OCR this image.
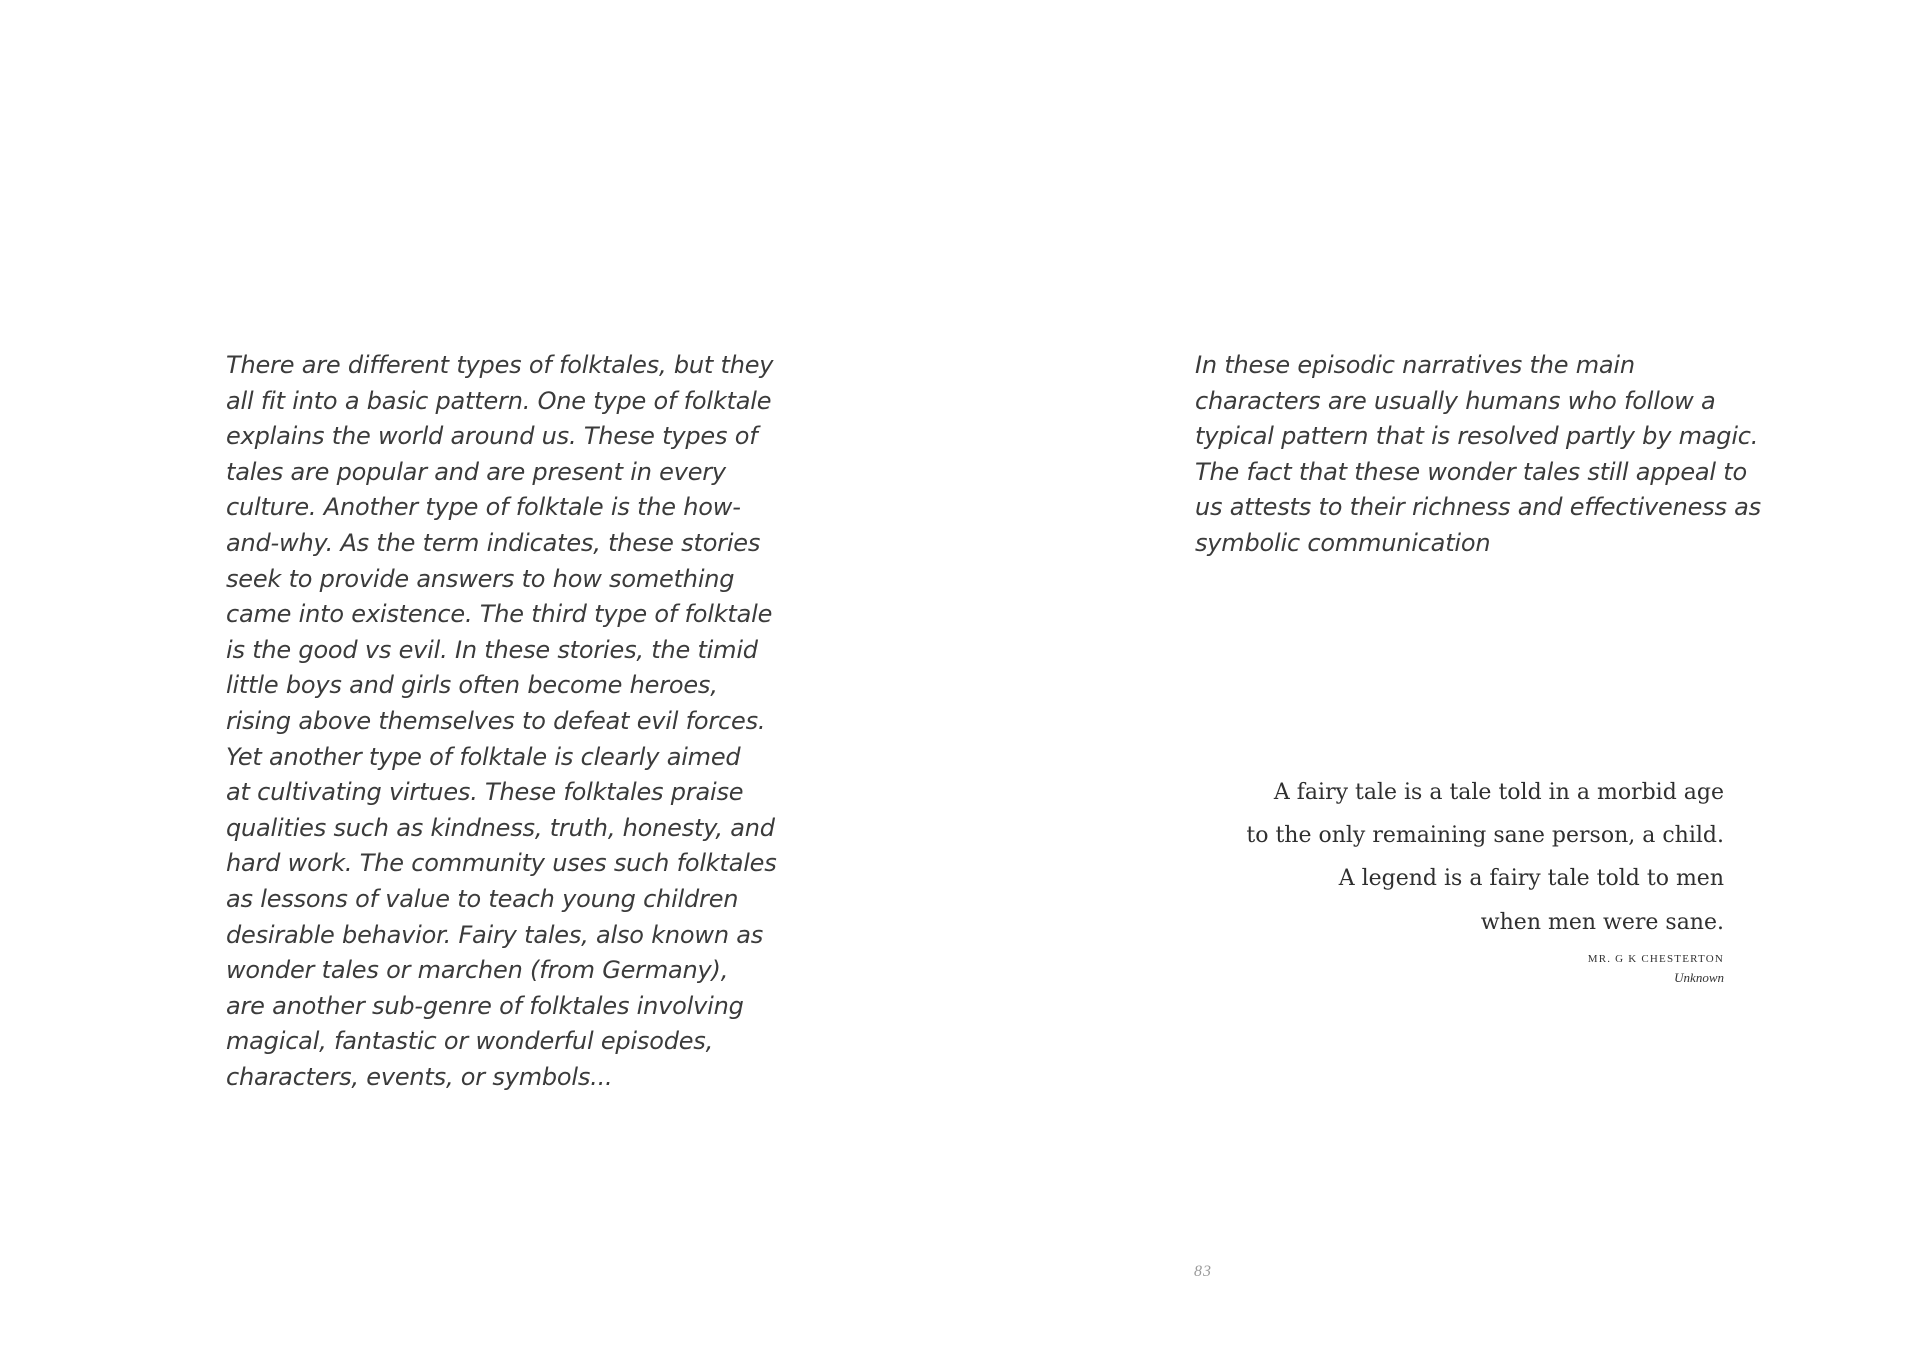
There are different types of folktales, but they
all fit into a basic pattern. One type of folktale
explains the world around us. These types of
tales are popular and are present in every
culture. Another type of folktale is the how-
and-why. As the term indicates, these stories
seek to provide answers to how something
came into existence. The third type of folktale
is the good vs evil. In these stories, the timid
little boys and girls often become heroes,
rising above themselves to defeat evil forces.
Yet another type of folktale is clearly aimed
at cultivating virtues. These folktales praise
qualities such as kindness, truth, honesty, and
hard work. The community uses such folktales
as lessons of value to teach young children
desirable behavior. Fairy tales, also known as
wonder tales or marchen (from Germany),
are another sub-genre of folktales involving
magical, fantastic or wonderful episodes,
characters, events, or symbols...
In these episodic narratives the main
characters are usually humans who follow a
typical pattern that is resolved partly by magic.
The fact that these wonder tales still appeal to
us attests to their richness and effectiveness as
symbolic communication
A fairy tale is a tale told in a morbid age
to the only remaining sane person, a child.
A legend is a fairy tale told to men
when men were sane.
MR. G K CHESTERTON
Unknown
83
